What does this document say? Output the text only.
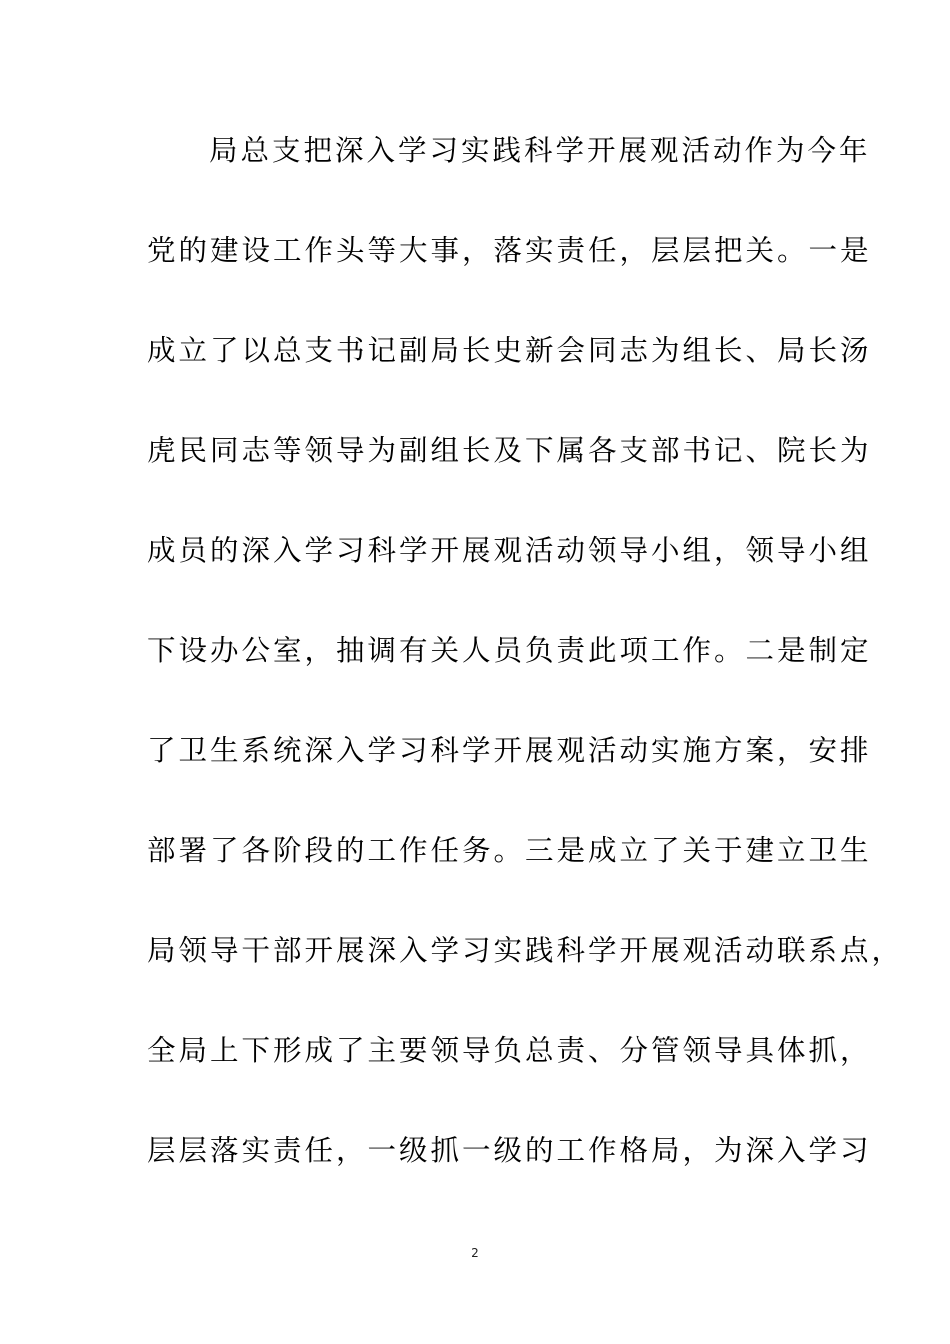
局总支把深入学习实践科学开展观活动作为今年
党的建设工作头等大事，落实责任，层层把关。一是
成立了以总支书记副局长史新会同志为组长、局长汤
虎民同志等领导为副组长及下属各支部书记、院长为
成员的深入学习科学开展观活动领导小组，领导小组
下设办公室，抽调有关人员负责此项工作。二是制定
了卫生系统深入学习科学开展观活动实施方案，安排
部署了各阶段的工作任务。三是成立了关于建立卫生
局领导干部开展深入学习实践科学开展观活动联系点，
全局上下形成了主要领导负总责、分管领导具体抓，
层层落实责任，一级抓一级的工作格局，为深入学习
2
